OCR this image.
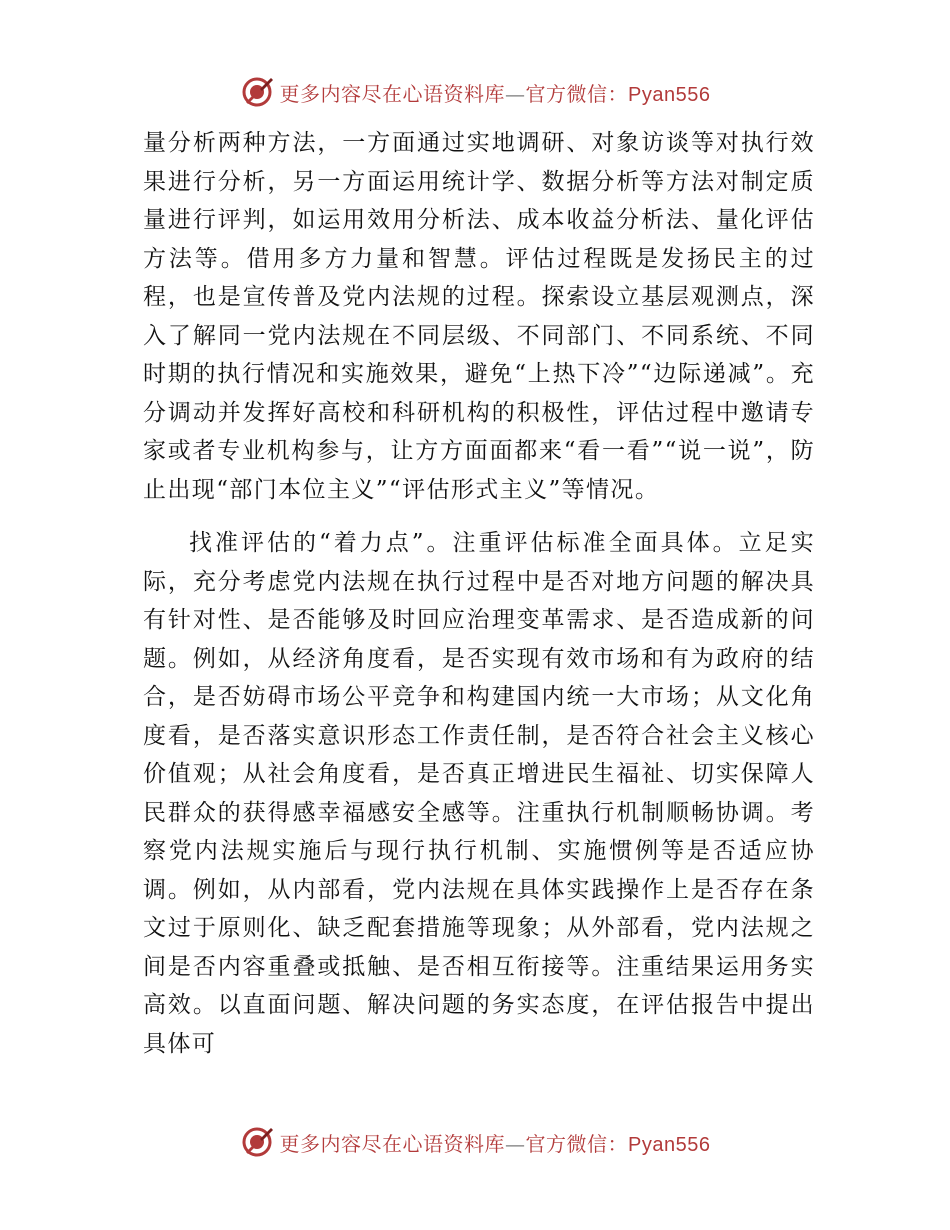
更多内容尽在心语资料库—官方微信：Pyan556

量分析两种方法，一方面通过实地调研、对象访谈等对执行效果进行分析，另一方面运用统计学、数据分析等方法对制定质量进行评判，如运用效用分析法、成本收益分析法、量化评估方法等。借用多方力量和智慧。评估过程既是发扬民主的过程，也是宣传普及党内法规的过程。探索设立基层观测点，深入了解同一党内法规在不同层级、不同部门、不同系统、不同时期的执行情况和实施效果，避免“上热下冷”“边际递减”。充分调动并发挥好高校和科研机构的积极性，评估过程中邀请专家或者专业机构参与，让方方面面都来“看一看”“说一说”，防止出现“部门本位主义”“评估形式主义”等情况。

找准评估的“着力点”。注重评估标准全面具体。立足实际，充分考虑党内法规在执行过程中是否对地方问题的解决具有针对性、是否能够及时回应治理变革需求、是否造成新的问题。例如，从经济角度看，是否实现有效市场和有为政府的结合，是否妨碍市场公平竞争和构建国内统一大市场；从文化角度看，是否落实意识形态工作责任制，是否符合社会主义核心价值观；从社会角度看，是否真正增进民生福祉、切实保障人民群众的获得感幸福感安全感等。注重执行机制顺畅协调。考察党内法规实施后与现行执行机制、实施惯例等是否适应协调。例如，从内部看，党内法规在具体实践操作上是否存在条文过于原则化、缺乏配套措施等现象；从外部看，党内法规之间是否内容重叠或抵触、是否相互衔接等。注重结果运用务实高效。以直面问题、解决问题的务实态度，在评估报告中提出具体可

更多内容尽在心语资料库—官方微信：Pyan556
